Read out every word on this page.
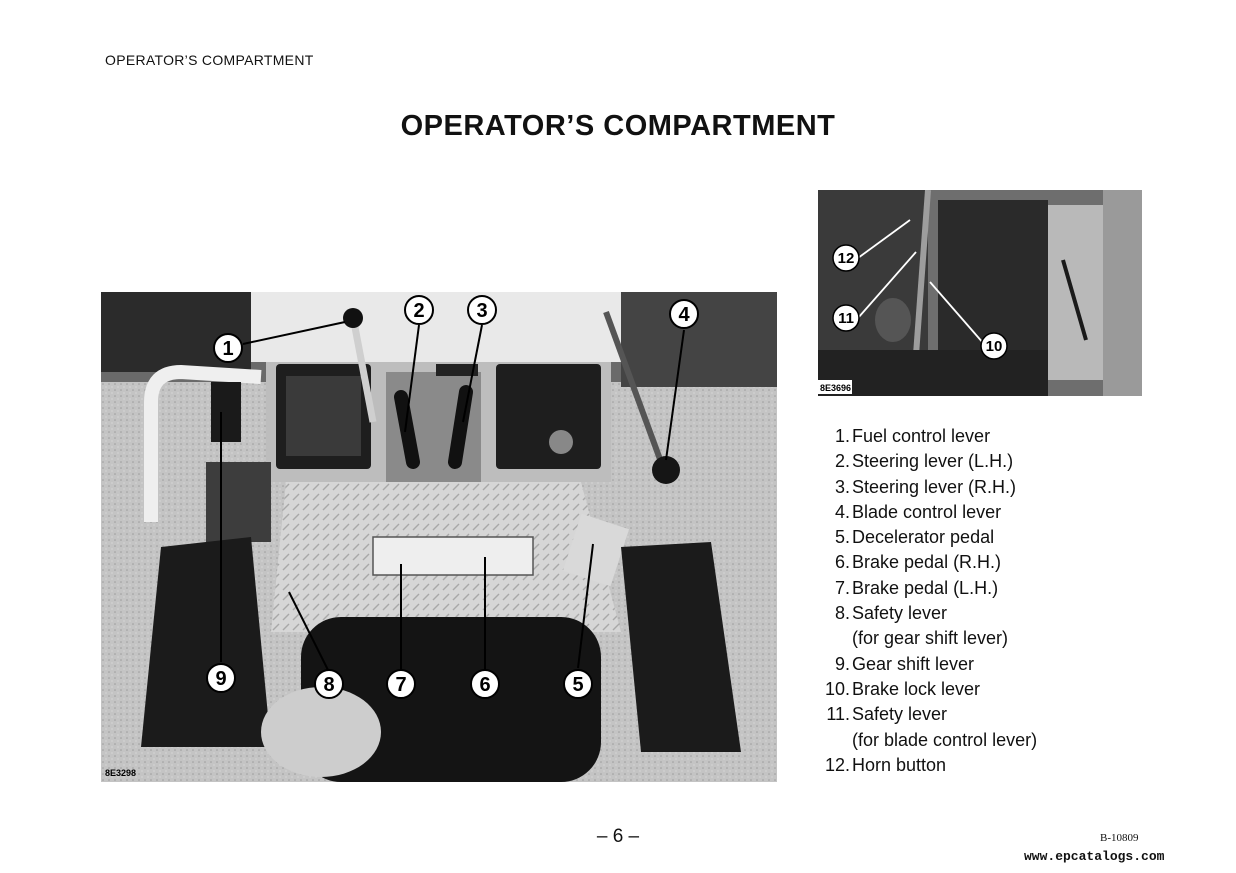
OPERATOR’S COMPARTMENT
OPERATOR’S COMPARTMENT
1
2	3	4
5
6
7
8
9
8E3298
12
11
10
8E3696
1. Fuel control lever
2. Steering lever (L.H.)
3. Steering lever (R.H.)
4. Blade control lever
5. Decelerator pedal
6. Brake pedal (R.H.)
7. Brake pedal (L.H.)
8. Safety lever
(for gear shift lever)
9. Gear shift lever
10. Brake lock lever
11. Safety lever
(for blade control lever)
12. Horn button
– 6 –	B-10809
www.epcatalogs.com
